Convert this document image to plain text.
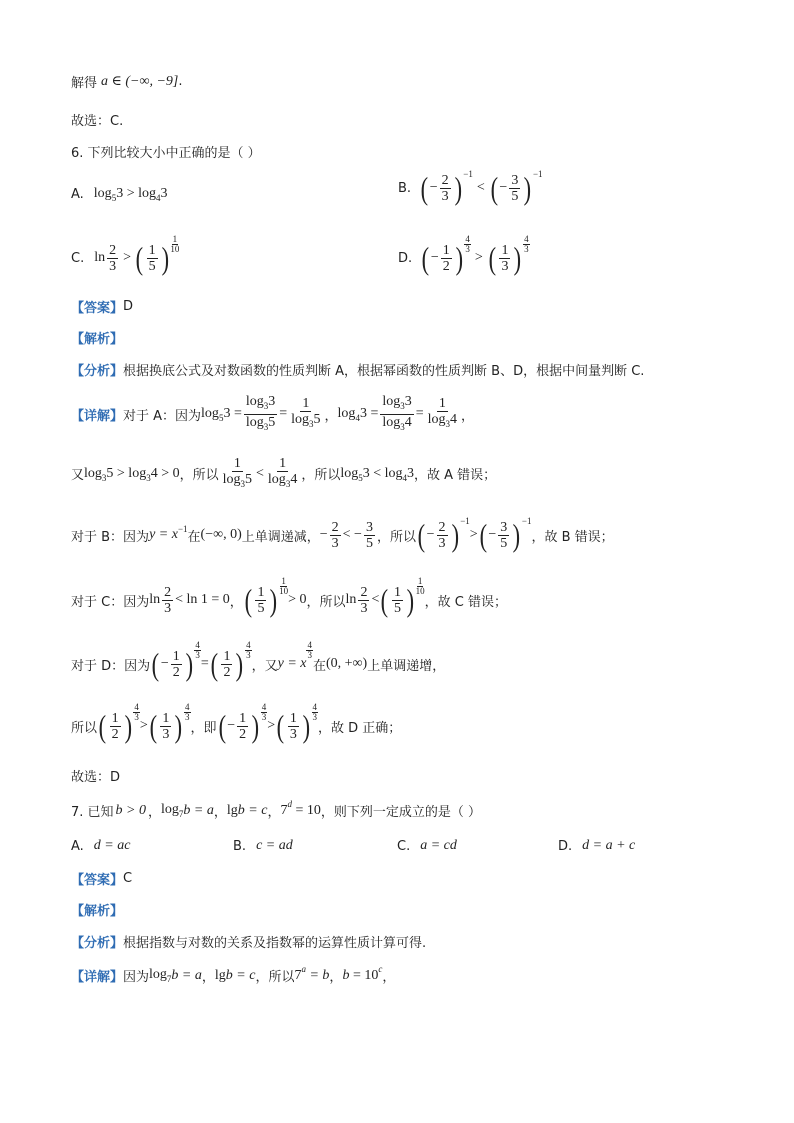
解得 a ∈ (−∞, −9] .
故选：C.
6. 下列比较大小中正确的是（ ）
A. $\log_53 > \log_43$	B. ( − $\frac{2}{3}$ ) −1
< ( − $\frac{3}{5}$ ) −1
C. $\ln \frac{2}{3}$ > ( $\frac{1}{5}$ )
1
10
D. ( − $\frac{1}{2}$ )
4
3
> ( $\frac{1}{3}$ )
4
3
【答案】 D
【解析】
【分析】 根据换底公式及对数函数的性质判断 A，根据幂函数的性质判断 B、D，根据中间量判断 C.
【详解】 对于 A：因为 $\log_53 = \frac{\log_33}{\log_35} = \frac{1}{\log_35}$ ， $\log_43 = \frac{\log_33}{\log_34} = \frac{1}{\log_34}$ ，
又 $\log_35 > \log_34 > 0$ ，所以 $\frac{1}{\log_35} < \frac{1}{\log_34}$ ，所以 $\log_53 < \log_43$ ，故 A 错误；
对于 B：因为 y = x −1
在 (−∞, 0) 上单调递减， − $\frac{2}{3}$ < − $\frac{3}{5}$ ，所以 ( − $\frac{2}{3}$ ) −1
> ( − $\frac{3}{5}$ ) −1
，故 B 错误；
对于 C：因为 $\ln \frac{2}{3} < \ln 1 = 0$ ， ( $\frac{1}{5}$ )
1
10
> 0 ，所以 $\ln \frac{2}{3}$ < ( $\frac{1}{5}$ )
1
10
，故 C 错误；
对于 D：因为 ( − $\frac{1}{2}$ ) $\frac{4}{3}$
= ( $\frac{1}{2}$ )
4
3
，又 y = x
4
3
在 (0, +∞) 上单调递增，
所以 ( $\frac{1}{2}$ )
4
3
> ( $\frac{1}{3}$ )
4
3
，即 ( − $\frac{1}{2}$ )
4
3
> ( $\frac{1}{3}$ )
4
3
，故 D 正确；
故选：D
7. 已知 b > 0 ， $\log_7 b = a$ ， lg b = c ， 7 d = 10 ，则下列一定成立的是（ ）
A. d = ac	B. c = ad	C. a = cd	D. d = a + c
【答案】 C
【解析】
【分析】 根据指数与对数的关系及指数幂的运算性质计算可得.
【详解】 因为 $\log_7 b = a$ ， lg b = c ，所以 7 a = b ， b = 10 c
，
